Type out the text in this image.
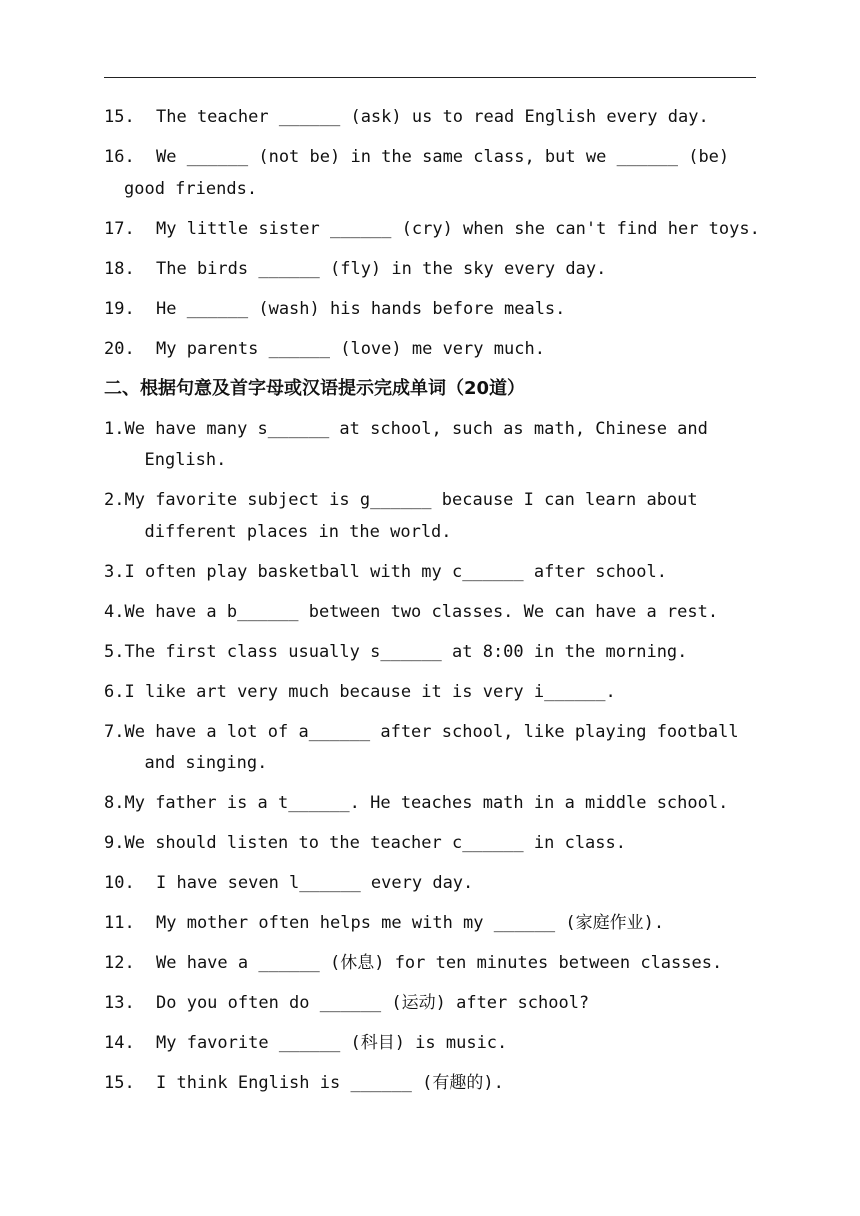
15.	The teacher ______ (ask) us to read English every day.
16.	We ______ (not be) in the same class, but we ______ (be)
good friends.
17.	My little sister ______ (cry) when she can't find her toys.
18.	The birds ______ (fly) in the sky every day.
19.	He ______ (wash) his hands before meals.
20.	My parents ______ (love) me very much.
二、根据句意及首字母或汉语提示完成单词（20道）
1. We have many s______ at school, such as math, Chinese and
English.
2. My favorite subject is g______ because I can learn about
different places in the world.
3. I often play basketball with my c______ after school.
4. We have a b______ between two classes. We can have a rest.
5. The first class usually s______ at 8:00 in the morning.
6. I like art very much because it is very i______.
7. We have a lot of a______ after school, like playing football
and singing.
8. My father is a t______. He teaches math in a middle school.
9. We should listen to the teacher c______ in class.
10.	I have seven l______ every day.
11.	My mother often helps me with my ______ (家庭作业).
12.	We have a ______ (休息) for ten minutes between classes.
13.	Do you often do ______ (运动) after school?
14.	My favorite ______ (科目) is music.
15.	I think English is ______ (有趣的).
